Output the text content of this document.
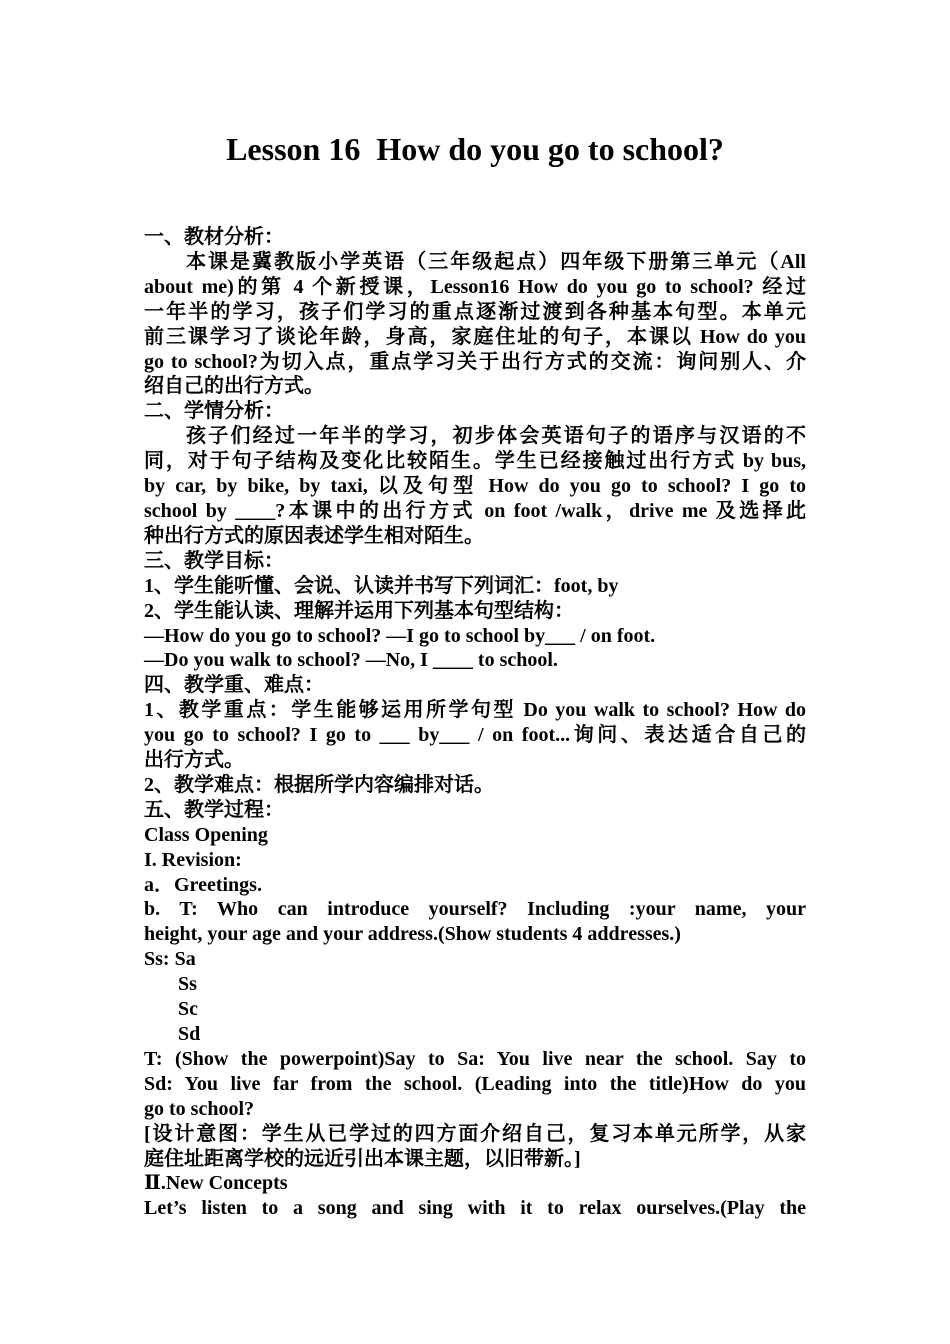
Lesson 16  How do you go to school?
一、教材分析：
本课是冀教版小学英语（三年级起点）四年级下册第三单元（All
about me)的第 4 个新授课，Lesson16 How do you go to school? 经过
一年半的学习，孩子们学习的重点逐渐过渡到各种基本句型。本单元
前三课学习了谈论年龄，身高，家庭住址的句子，本课以 How do you
go to school?为切入点，重点学习关于出行方式的交流：询问别人、介
绍自己的出行方式。
二、学情分析：
孩子们经过一年半的学习，初步体会英语句子的语序与汉语的不
同，对于句子结构及变化比较陌生。学生已经接触过出行方式 by bus,
by car, by bike, by taxi, 以及句型 How do you go to school? I go to
school by ____?本课中的出行方式 on foot /walk，drive me 及选择此
种出行方式的原因表述学生相对陌生。
三、教学目标：
1、学生能听懂、会说、认读并书写下列词汇：foot, by
2、学生能认读、理解并运用下列基本句型结构：
—How do you go to school? —I go to school by___ / on foot.
—Do you walk to school? —No, I ____ to school.
四、教学重、难点：
1、教学重点：学生能够运用所学句型 Do you walk to school? How do
you go to school? I go to ___ by___ / on foot...询问、表达适合自己的
出行方式。
2、教学难点：根据所学内容编排对话。
五、教学过程：
Class Opening
I. Revision:
a．Greetings.
b. T: Who can introduce yourself? Including :your name, your
height, your age and your address.(Show students 4 addresses.)
Ss: Sa
Ss
Sc
Sd
T: (Show the powerpoint)Say to Sa: You live near the school. Say to
Sd: You live far from the school. (Leading into the title)How do you
go to school?
[设计意图：学生从已学过的四方面介绍自己，复习本单元所学，从家
庭住址距离学校的远近引出本课主题，以旧带新。]
Ⅱ.New Concepts
Let’s listen to a song and sing with it to relax ourselves.(Play the
